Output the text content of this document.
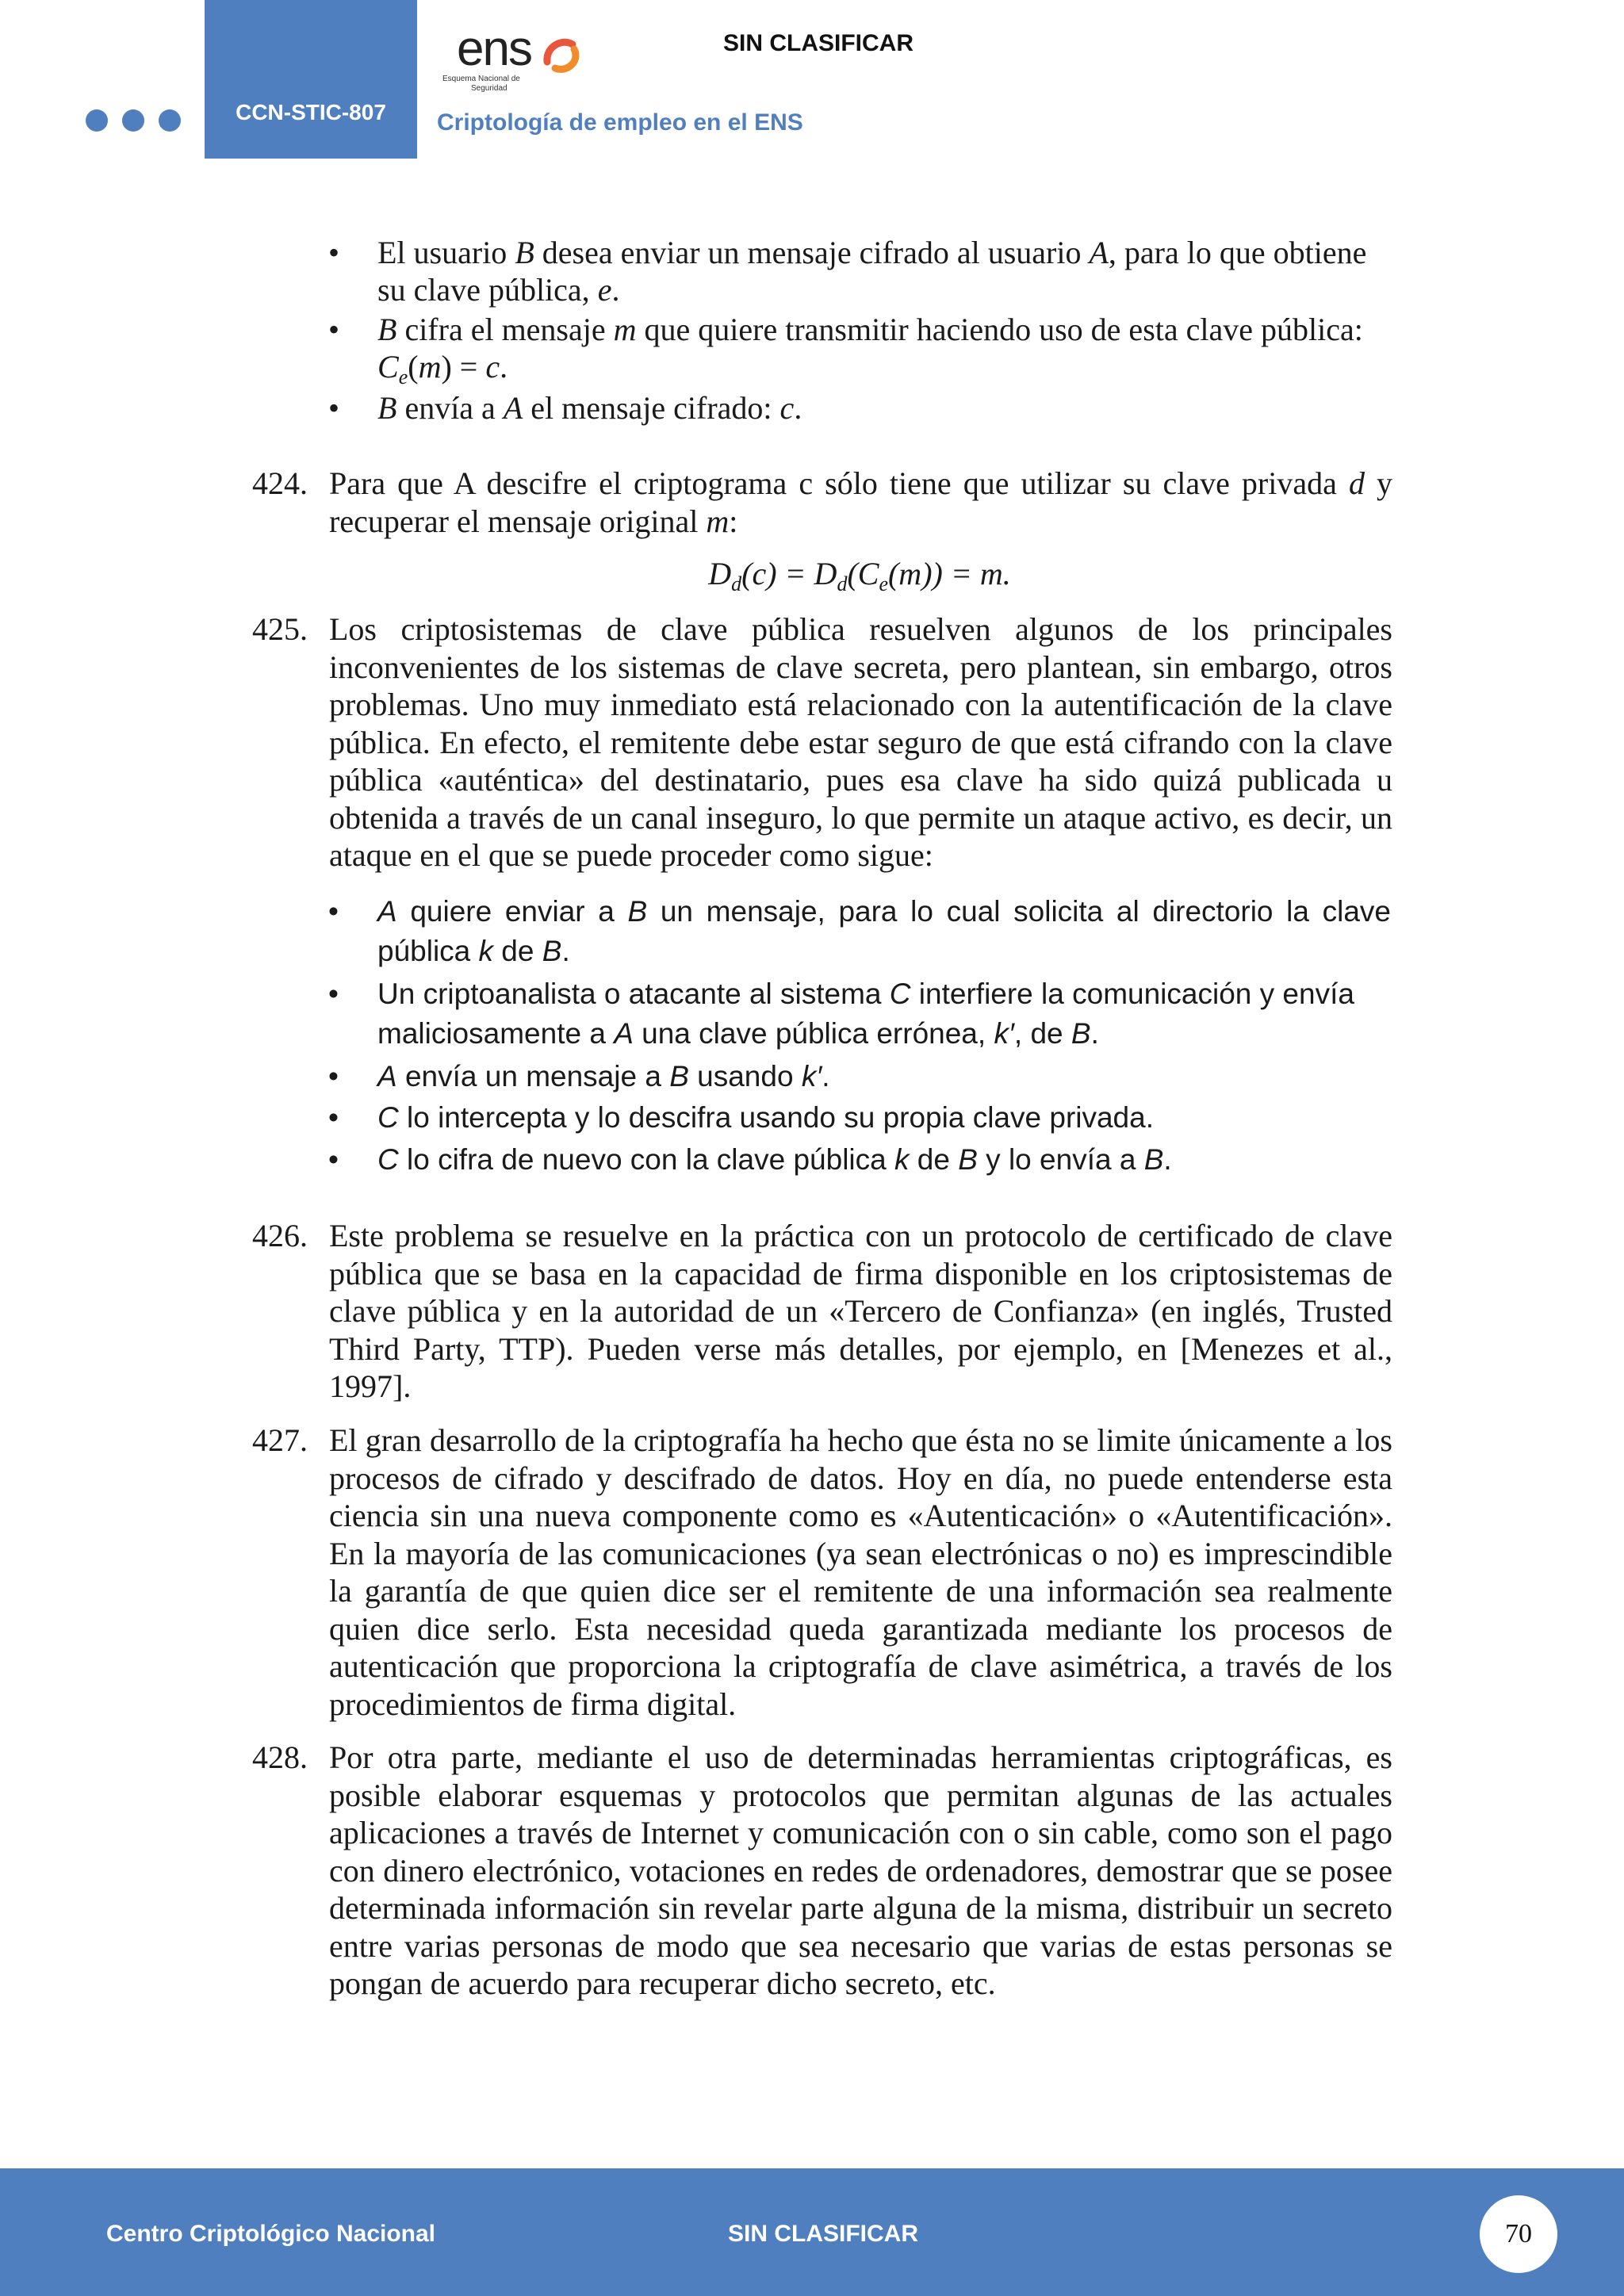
CCN-STIC-807
ens
Esquema Nacional de
Seguridad
SIN CLASIFICAR
Criptología de empleo en el ENS
• El usuario B desea enviar un mensaje cifrado al usuario A, para lo que obtiene su clave pública, e.
• B cifra el mensaje m que quiere transmitir haciendo uso de esta clave pública: $C_e(m) = c$.
• B envía a A el mensaje cifrado: c.
424. Para que A descifre el criptograma c sólo tiene que utilizar su clave privada d y recuperar el mensaje original m:
$D_d(c) = D_d(C_e(m)) = m$.
425. Los criptosistemas de clave pública resuelven algunos de los principales inconvenientes de los sistemas de clave secreta, pero plantean, sin embargo, otros problemas. Uno muy inmediato está relacionado con la autentificación de la clave pública. En efecto, el remitente debe estar seguro de que está cifrando con la clave pública «auténtica» del destinatario, pues esa clave ha sido quizá publicada u obtenida a través de un canal inseguro, lo que permite un ataque activo, es decir, un ataque en el que se puede proceder como sigue:
• A quiere enviar a B un mensaje, para lo cual solicita al directorio la clave pública k de B.
• Un criptoanalista o atacante al sistema C interfiere la comunicación y envía maliciosamente a A una clave pública errónea, k′, de B.
• A envía un mensaje a B usando k′.
• C lo intercepta y lo descifra usando su propia clave privada.
• C lo cifra de nuevo con la clave pública k de B y lo envía a B.
426. Este problema se resuelve en la práctica con un protocolo de certificado de clave pública que se basa en la capacidad de firma disponible en los criptosistemas de clave pública y en la autoridad de un «Tercero de Confianza» (en inglés, Trusted Third Party, TTP). Pueden verse más detalles, por ejemplo, en [Menezes et al., 1997].
427. El gran desarrollo de la criptografía ha hecho que ésta no se limite únicamente a los procesos de cifrado y descifrado de datos. Hoy en día, no puede entenderse esta ciencia sin una nueva componente como es «Autenticación» o «Autentificación». En la mayoría de las comunicaciones (ya sean electrónicas o no) es imprescindible la garantía de que quien dice ser el remitente de una información sea realmente quien dice serlo. Esta necesidad queda garantizada mediante los procesos de autenticación que proporciona la criptografía de clave asimétrica, a través de los procedimientos de firma digital.
428. Por otra parte, mediante el uso de determinadas herramientas criptográficas, es posible elaborar esquemas y protocolos que permitan algunas de las actuales aplicaciones a través de Internet y comunicación con o sin cable, como son el pago con dinero electrónico, votaciones en redes de ordenadores, demostrar que se posee determinada información sin revelar parte alguna de la misma, distribuir un secreto entre varias personas de modo que sea necesario que varias de estas personas se pongan de acuerdo para recuperar dicho secreto, etc.
Centro Criptológico Nacional	SIN CLASIFICAR	70
